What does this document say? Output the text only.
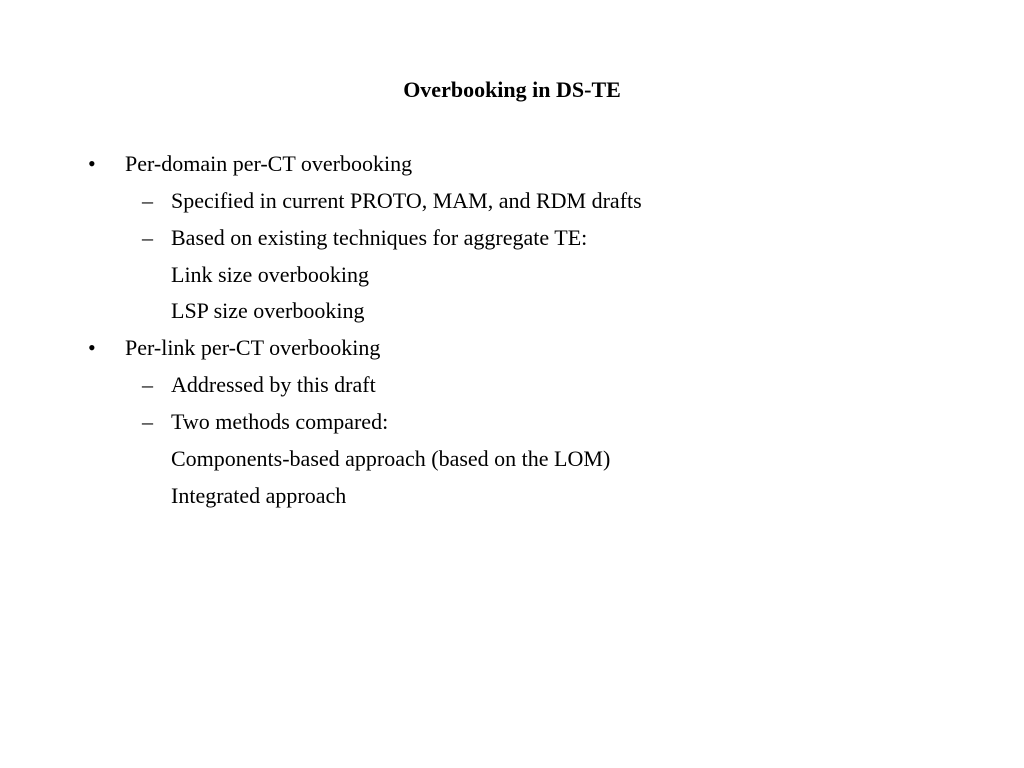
Overbooking in DS-TE
• Per-domain per-CT overbooking
– Specified in current PROTO, MAM, and RDM drafts
– Based on existing techniques for aggregate TE:
Link size overbooking
LSP size overbooking
• Per-link per-CT overbooking
– Addressed by this draft
– Two methods compared:
Components-based approach (based on the LOM)
Integrated approach
